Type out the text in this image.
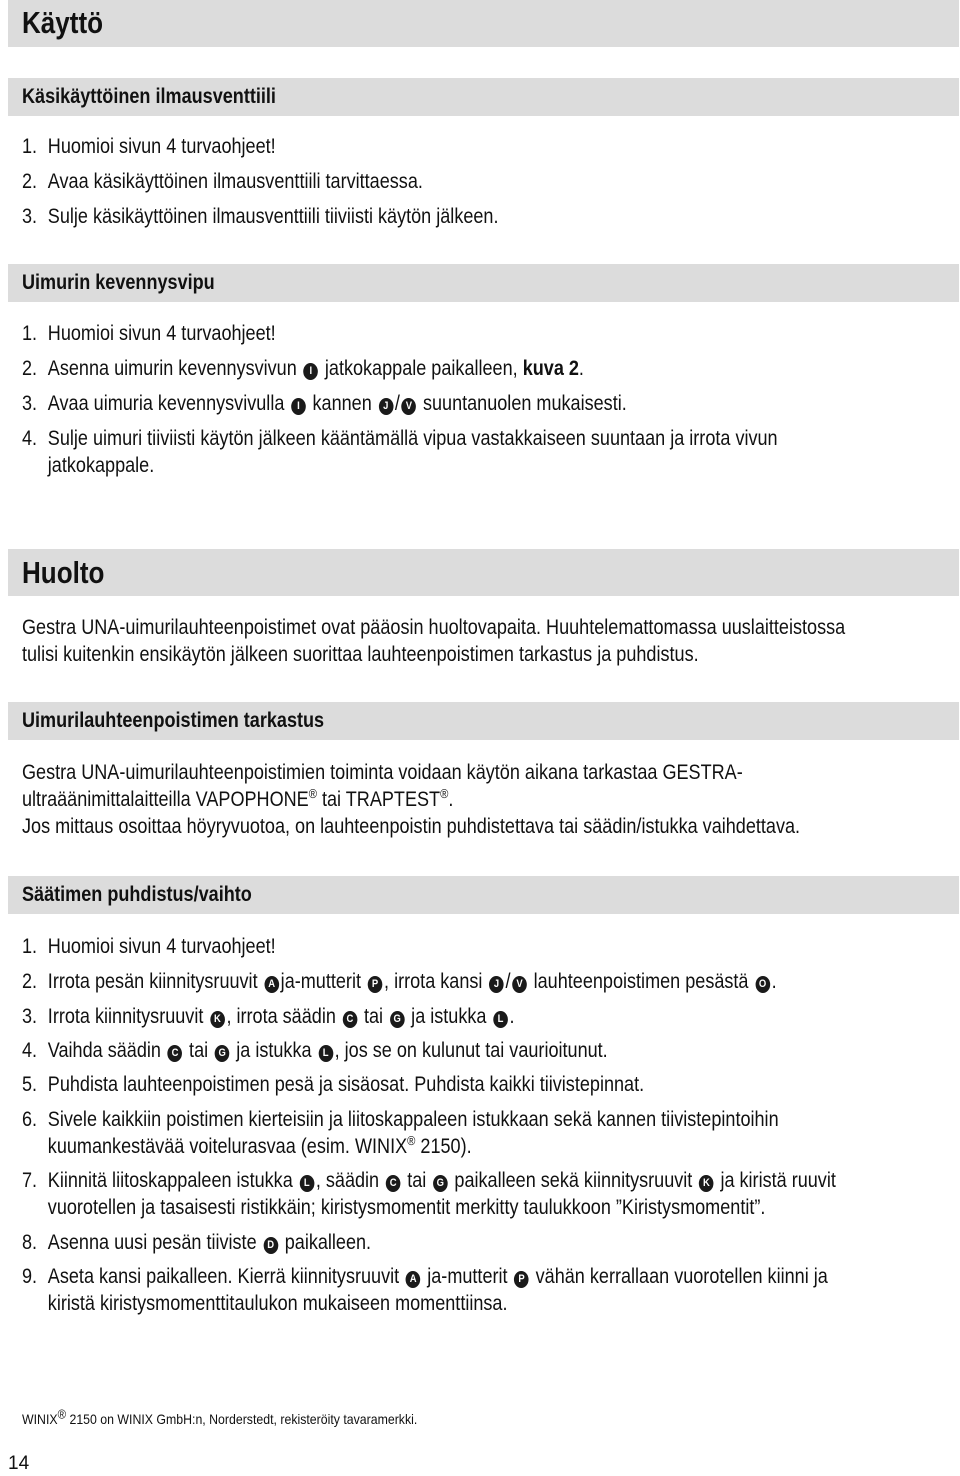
Käyttö
Käsikäyttöinen ilmausventtiili
1. Huomioi sivun 4 turvaohjeet!
2. Avaa käsikäyttöinen ilmausventtiili tarvittaessa.
3. Sulje käsikäyttöinen ilmausventtiili tiiviisti käytön jälkeen.
Uimurin kevennysvipu
1. Huomioi sivun 4 turvaohjeet!
2. Asenna uimurin kevennysvivun I jatkokappale paikalleen, kuva 2.
3. Avaa uimuria kevennysvivulla I kannen J / V suuntanuolen mukaisesti.
4. Sulje uimuri tiiviisti käytön jälkeen kääntämällä vipua vastakkaiseen suuntaan ja irrota vivun
jatkokappale.
Huolto
Gestra UNA-uimurilauhteenpoistimet ovat pääosin huoltovapaita. Huuhtelemattomassa uuslaitteistossa
tulisi kuitenkin ensikäytön jälkeen suorittaa lauhteenpoistimen tarkastus ja puhdistus.
Uimurilauhteenpoistimen tarkastus
Gestra UNA-uimurilauhteenpoistimien toiminta voidaan käytön aikana tarkastaa GESTRA-
ultraäänimittalaitteilla VAPOPHONE® tai TRAPTEST®.
Jos mittaus osoittaa höyryvuotoa, on lauhteenpoistin puhdistettava tai säädin/istukka vaihdettava.
Säätimen puhdistus/vaihto
1. Huomioi sivun 4 turvaohjeet!
2. Irrota pesän kiinnitysruuvit A ja-mutterit P , irrota kansi J / V lauhteenpoistimen pesästä O .
3. Irrota kiinnitysruuvit K , irrota säädin C tai G ja istukka L .
4. Vaihda säädin C tai G ja istukka L , jos se on kulunut tai vaurioitunut.
5. Puhdista lauhteenpoistimen pesä ja sisäosat. Puhdista kaikki tiivistepinnat.
6. Sivele kaikkiin poistimen kierteisiin ja liitoskappaleen istukkaan sekä kannen tiivistepintoihin
kuumankestävää voitelurasvaa (esim. WINIX® 2150).
7. Kiinnitä liitoskappaleen istukka L , säädin C tai G paikalleen sekä kiinnitysruuvit K ja kiristä ruuvit
vuorotellen ja tasaisesti ristikkäin; kiristysmomentit merkitty taulukkoon ”Kiristysmomentit”.
8. Asenna uusi pesän tiiviste D paikalleen.
9. Aseta kansi paikalleen. Kierrä kiinnitysruuvit A ja-mutterit P vähän kerrallaan vuorotellen kiinni ja
kiristä kiristysmomenttitaulukon mukaiseen momenttiinsa.
WINIX® 2150 on WINIX GmbH:n, Norderstedt, rekisteröity tavaramerkki.
14
